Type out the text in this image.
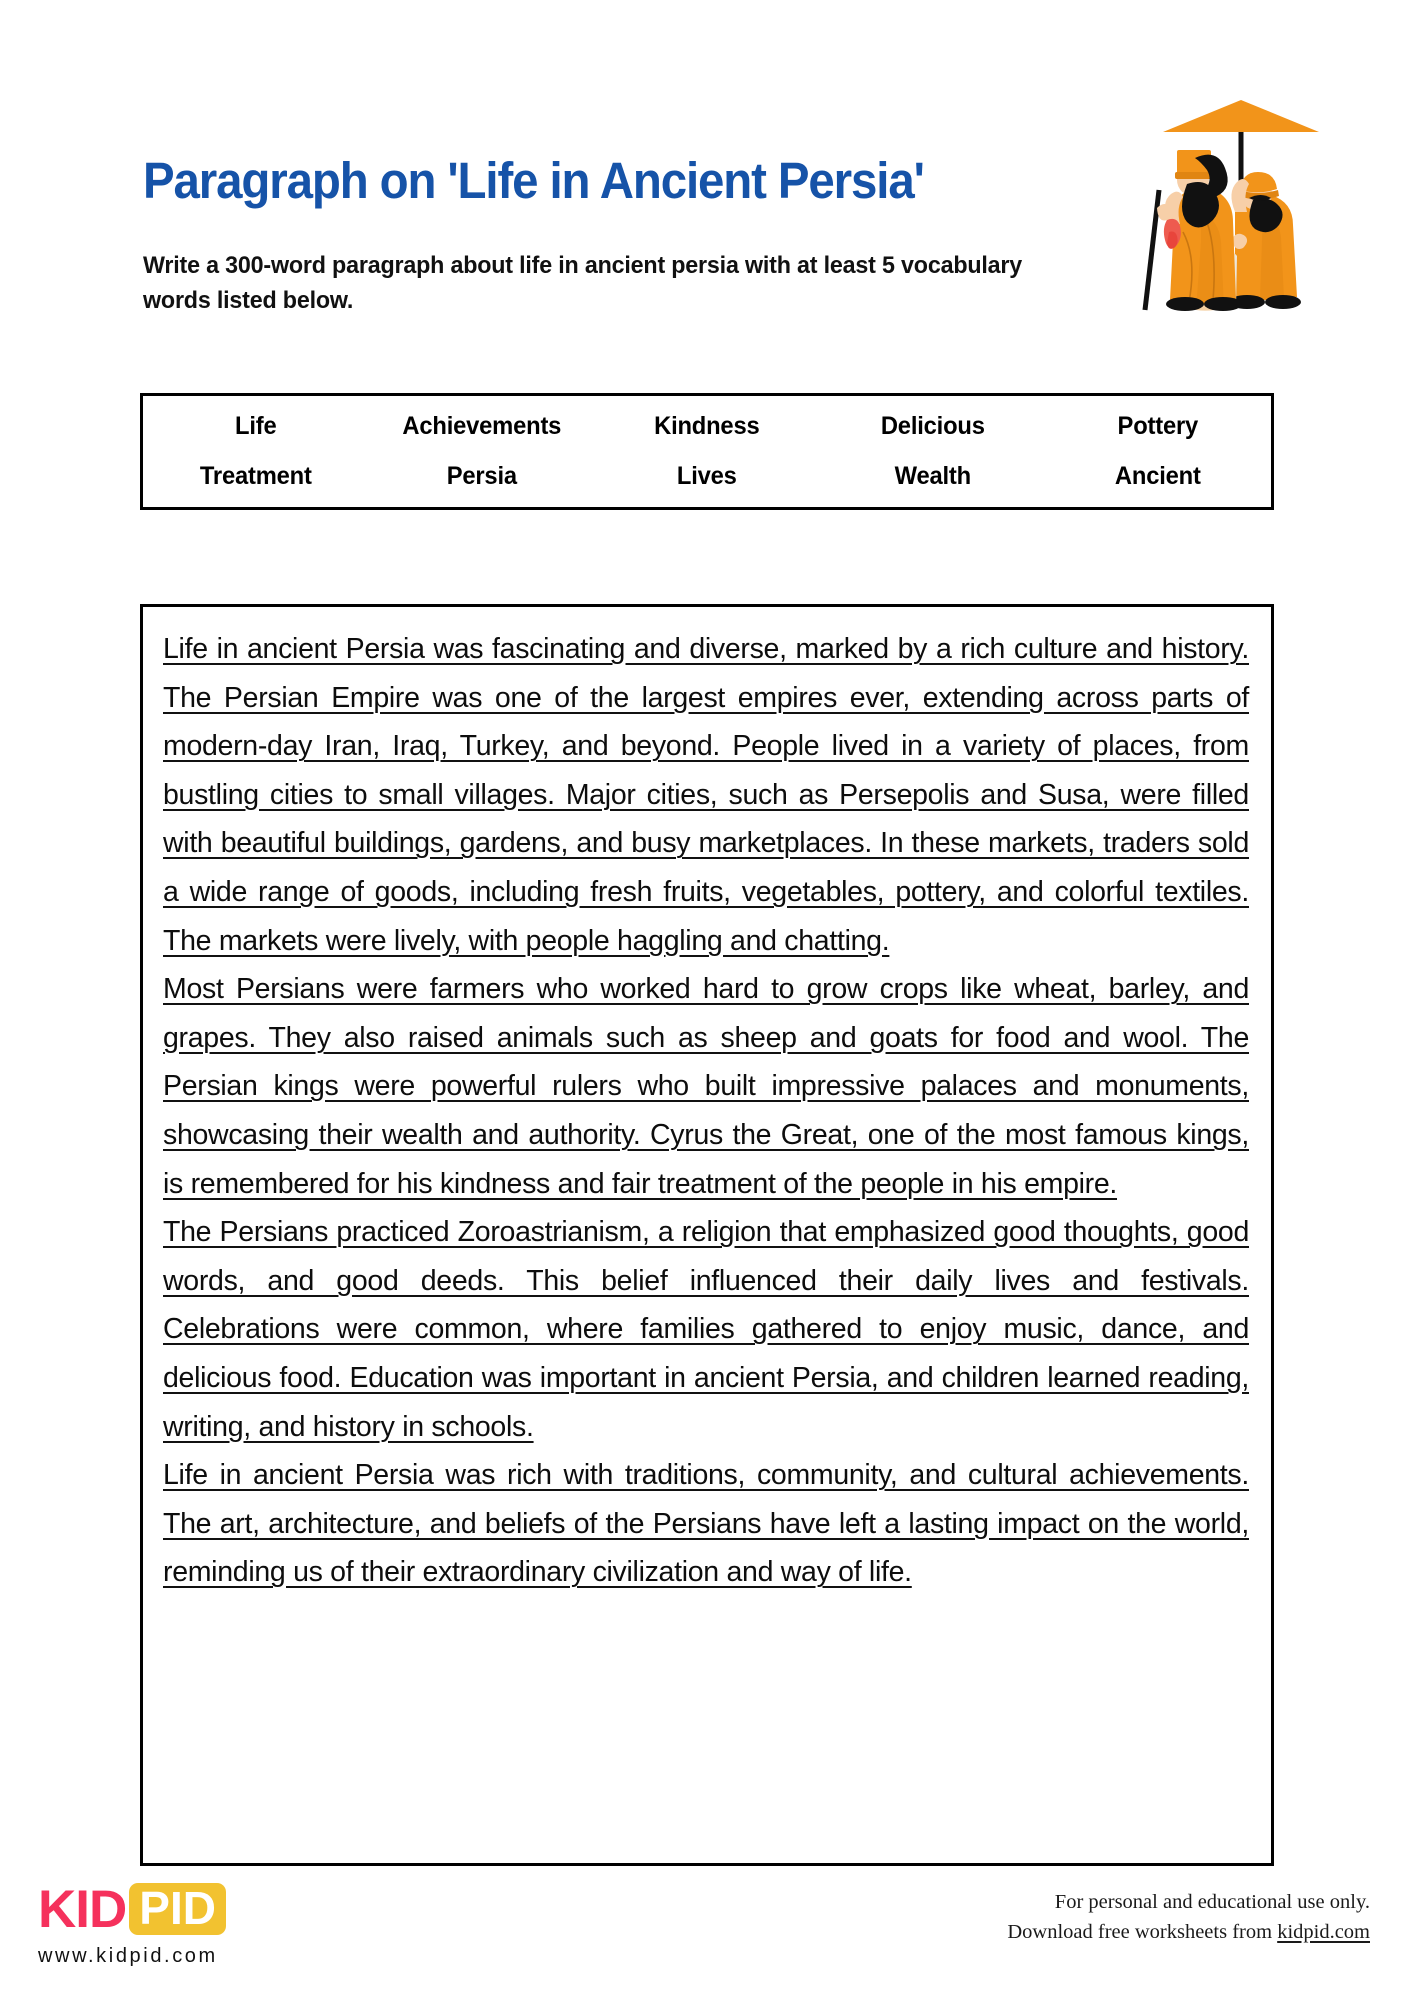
Paragraph on 'Life in Ancient Persia'
Write a 300-word paragraph about life in ancient persia with at least 5 vocabulary words listed below.
Life	Achievements	Kindness	Delicious	Pottery
Treatment	Persia	Lives	Wealth	Ancient

Life in ancient Persia was fascinating and diverse, marked by a rich culture and history. The Persian Empire was one of the largest empires ever, extending across parts of modern-day Iran, Iraq, Turkey, and beyond. People lived in a variety of places, from bustling cities to small villages. Major cities, such as Persepolis and Susa, were filled with beautiful buildings, gardens, and busy marketplaces. In these markets, traders sold a wide range of goods, including fresh fruits, vegetables, pottery, and colorful textiles. The markets were lively, with people haggling and chatting.

Most Persians were farmers who worked hard to grow crops like wheat, barley, and grapes. They also raised animals such as sheep and goats for food and wool. The Persian kings were powerful rulers who built impressive palaces and monuments, showcasing their wealth and authority. Cyrus the Great, one of the most famous kings, is remembered for his kindness and fair treatment of the people in his empire.

The Persians practiced Zoroastrianism, a religion that emphasized good thoughts, good words, and good deeds. This belief influenced their daily lives and festivals. Celebrations were common, where families gathered to enjoy music, dance, and delicious food. Education was important in ancient Persia, and children learned reading, writing, and history in schools.

Life in ancient Persia was rich with traditions, community, and cultural achievements. The art, architecture, and beliefs of the Persians have left a lasting impact on the world, reminding us of their extraordinary civilization and way of life.

KID PID
www.kidpid.com
For personal and educational use only.
Download free worksheets from kidpid.com
